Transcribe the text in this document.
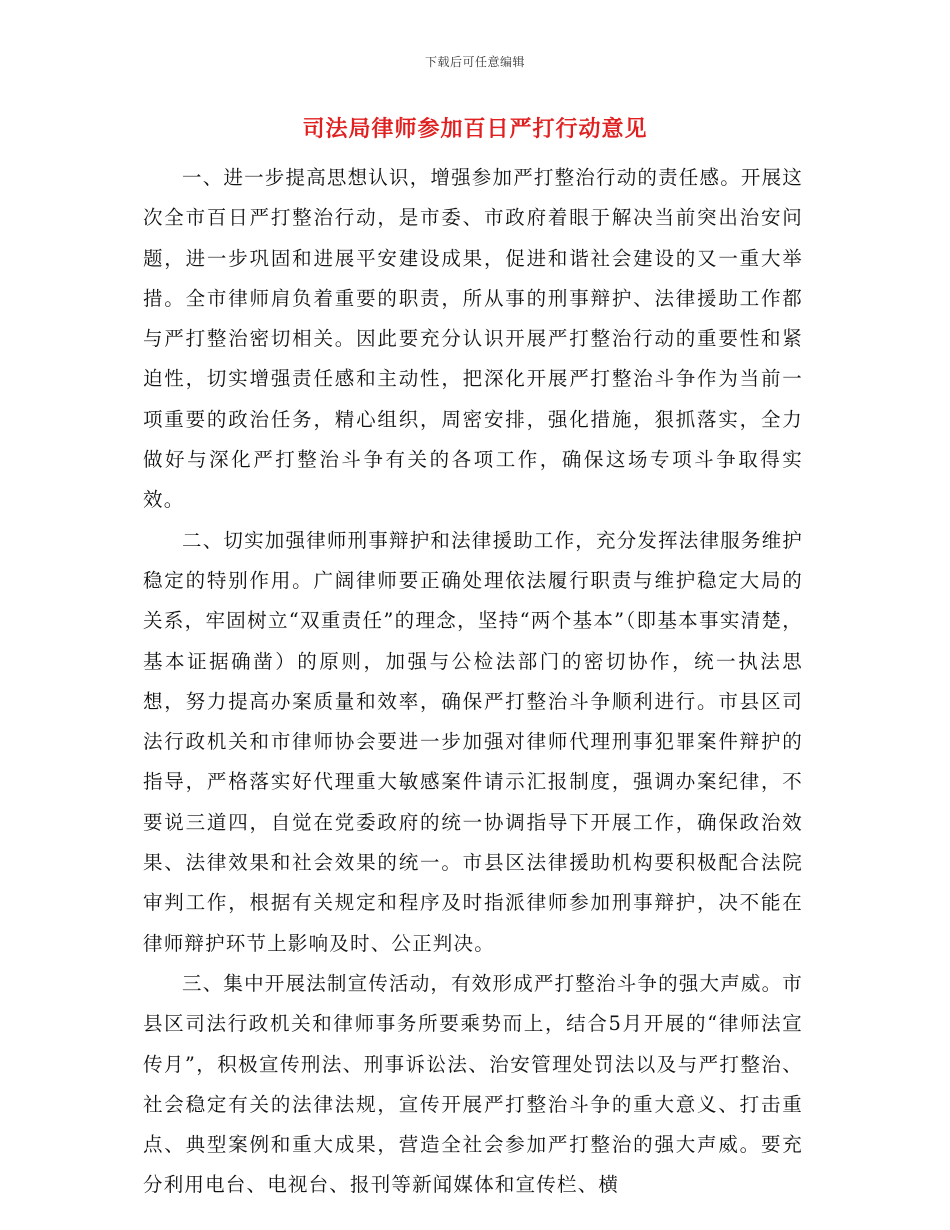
下载后可任意编辑
司法局律师参加百日严打行动意见

一、进一步提高思想认识，增强参加严打整治行动的责任感。开展这次全市百日严打整治行动，是市委、市政府着眼于解决当前突出治安问题，进一步巩固和进展平安建设成果，促进和谐社会建设的又一重大举措。全市律师肩负着重要的职责，所从事的刑事辩护、法律援助工作都与严打整治密切相关。因此要充分认识开展严打整治行动的重要性和紧迫性，切实增强责任感和主动性，把深化开展严打整治斗争作为当前一项重要的政治任务，精心组织，周密安排，强化措施，狠抓落实，全力做好与深化严打整治斗争有关的各项工作，确保这场专项斗争取得实效。

二、切实加强律师刑事辩护和法律援助工作，充分发挥法律服务维护稳定的特别作用。广阔律师要正确处理依法履行职责与维护稳定大局的关系，牢固树立“双重责任”的理念，坚持“两个基本”（即基本事实清楚，基本证据确凿）的原则，加强与公检法部门的密切协作，统一执法思想，努力提高办案质量和效率，确保严打整治斗争顺利进行。市县区司法行政机关和市律师协会要进一步加强对律师代理刑事犯罪案件辩护的指导，严格落实好代理重大敏感案件请示汇报制度，强调办案纪律，不要说三道四，自觉在党委政府的统一协调指导下开展工作，确保政治效果、法律效果和社会效果的统一。市县区法律援助机构要积极配合法院审判工作，根据有关规定和程序及时指派律师参加刑事辩护，决不能在律师辩护环节上影响及时、公正判决。

三、集中开展法制宣传活动，有效形成严打整治斗争的强大声威。市县区司法行政机关和律师事务所要乘势而上，结合5月开展的“律师法宣传月”，积极宣传刑法、刑事诉讼法、治安管理处罚法以及与严打整治、社会稳定有关的法律法规，宣传开展严打整治斗争的重大意义、打击重点、典型案例和重大成果，营造全社会参加严打整治的强大声威。要充分利用电台、电视台、报刊等新闻媒体和宣传栏、横
